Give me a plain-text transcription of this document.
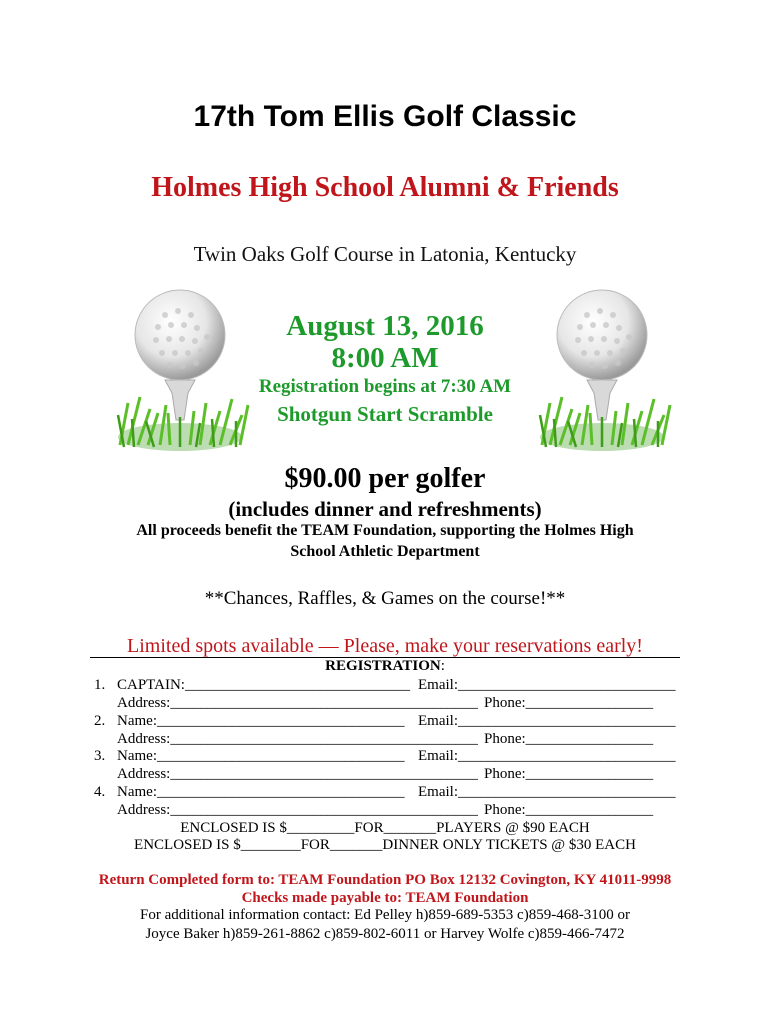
17th Tom Ellis Golf Classic
Holmes High School Alumni & Friends
Twin Oaks Golf Course in Latonia, Kentucky
August 13, 2016
8:00 AM
Registration begins at 7:30 AM
Shotgun Start Scramble
$90.00 per golfer
(includes dinner and refreshments)
All proceeds benefit the TEAM Foundation, supporting the Holmes High
School Athletic Department
**Chances, Raffles, & Games on the course!**
Limited spots available — Please, make your reservations early!
REGISTRATION:
1. CAPTAIN:______________________________ Email:_____________________________
Address:_________________________________________ Phone:_________________
2. Name:_________________________________ Email:_____________________________
Address:_________________________________________ Phone:_________________
3. Name:_________________________________ Email:_____________________________
Address:_________________________________________ Phone:_________________
4. Name:_________________________________ Email:_____________________________
Address:_________________________________________ Phone:_________________
ENCLOSED IS $_________FOR_______PLAYERS @ $90 EACH
ENCLOSED IS $________FOR_______DINNER ONLY TICKETS @ $30 EACH
Return Completed form to: TEAM Foundation PO Box 12132 Covington, KY 41011-9998
Checks made payable to: TEAM Foundation
For additional information contact: Ed Pelley h)859-689-5353 c)859-468-3100 or
Joyce Baker h)859-261-8862 c)859-802-6011 or Harvey Wolfe c)859-466-7472
